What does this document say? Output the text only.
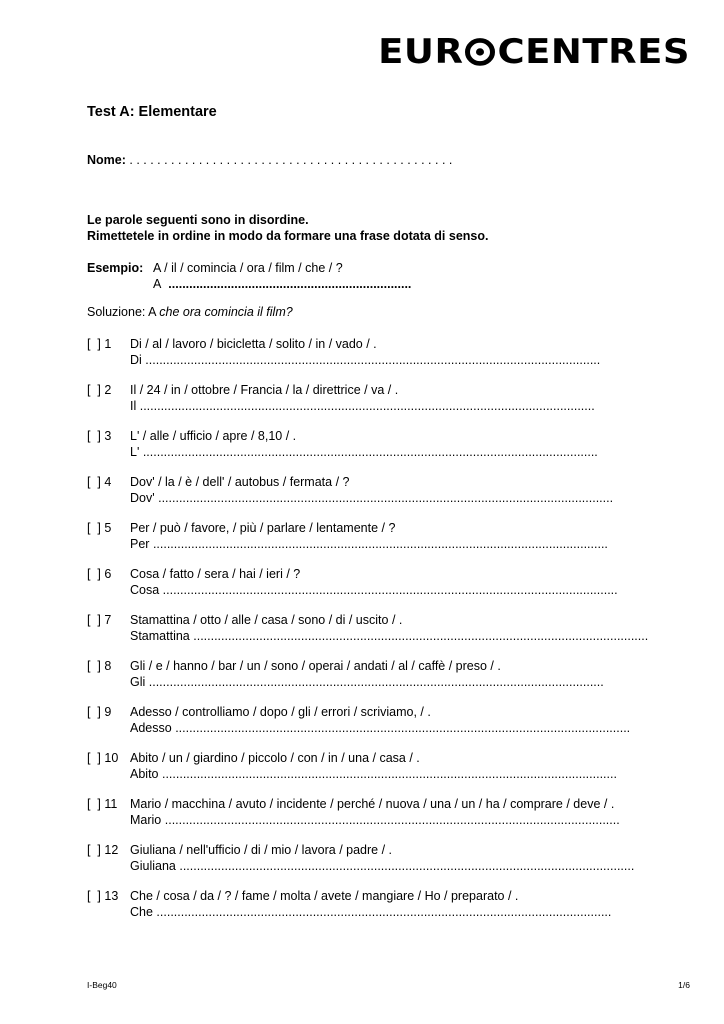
EUR CENTRES
Test A: Elementare
Nome: . . . . . . . . . . . . . . . . . . . . . . . . . . . . . . . . . . . . . . . . . . . . . . .
Le parole seguenti sono in disordine.
Rimettetele in ordine in modo da formare una frase dotata di senso.
Esempio: A / il / comincia / ora / film / che / ?
A ......................................................................
Soluzione: A che ora comincia il film?
[  ] 1	Di / al / lavoro / bicicletta / solito / in / vado / .
Di ...................................................................................................................................
[  ] 2	Il / 24 / in / ottobre / Francia / la / direttrice / va / .
Il ...................................................................................................................................
[  ] 3	L' / alle / ufficio / apre / 8,10 / .
L' ...................................................................................................................................
[  ] 4	Dov' / la / è / dell' / autobus / fermata / ?
Dov' ...................................................................................................................................
[  ] 5	Per / può / favore, / più / parlare / lentamente / ?
Per ...................................................................................................................................
[  ] 6	Cosa / fatto / sera / hai / ieri / ?
Cosa ...................................................................................................................................
[  ] 7	Stamattina / otto / alle / casa / sono / di / uscito / .
Stamattina ...................................................................................................................................
[  ] 8	Gli / e / hanno / bar / un / sono / operai / andati / al / caffè / preso / .
Gli ...................................................................................................................................
[  ] 9	Adesso / controlliamo / dopo / gli / errori / scriviamo, / .
Adesso ...................................................................................................................................
[  ] 10 Abito / un / giardino / piccolo / con / in / una / casa / .
Abito ...................................................................................................................................
[  ] 11	Mario / macchina / avuto / incidente / perché / nuova / una / un / ha / comprare / deve / .
Mario ...................................................................................................................................
[  ] 12 Giuliana / nell'ufficio / di / mio / lavora / padre / .
Giuliana ...................................................................................................................................
[  ] 13 Che / cosa / da / ? / fame / molta / avete / mangiare / Ho / preparato / .
Che ...................................................................................................................................
I-Beg40	1/6
